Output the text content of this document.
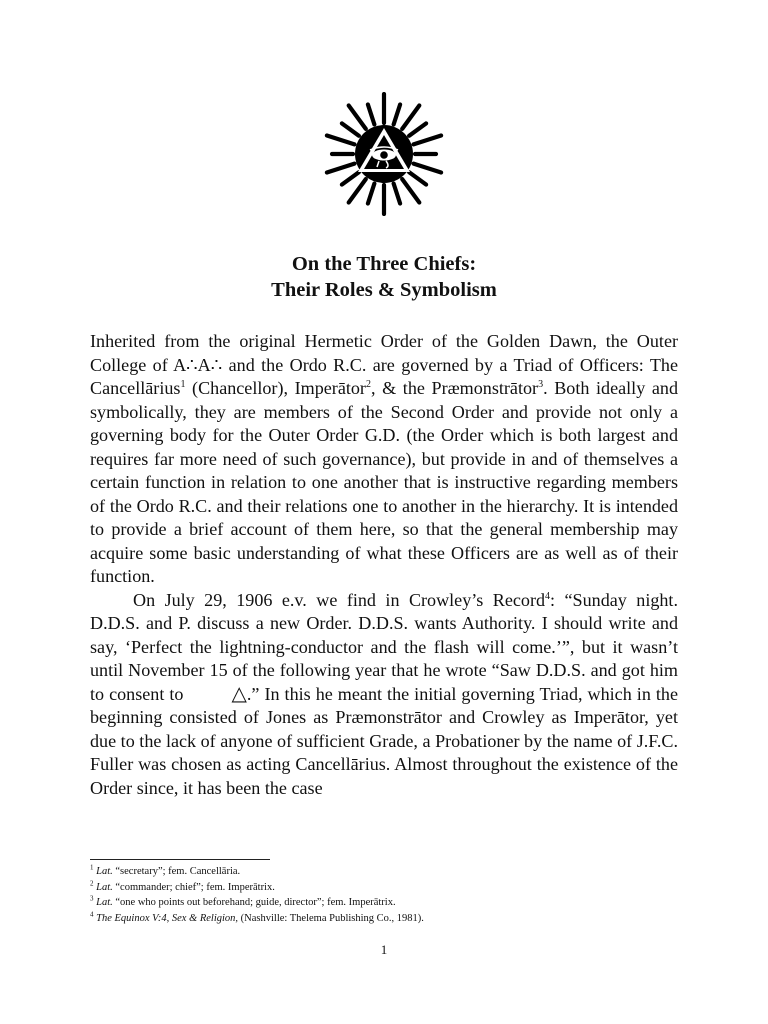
On the Three Chiefs:
Their Roles & Symbolism

Inherited from the original Hermetic Order of the Golden Dawn, the Outer College of A∴A∴ and the Ordo R.C. are governed by a Triad of Officers: The Cancellārius$^1$ (Chancellor), Imperātor$^2$, & the Præmonstrātor$^3$. Both ideally and symbolically, they are members of the Second Order and provide not only a governing body for the Outer Order G.D. (the Order which is both largest and requires far more need of such governance), but provide in and of themselves a certain function in relation to one another that is instructive regarding members of the Ordo R.C. and their relations one to another in the hierarchy. It is intended to provide a brief account of them here, so that the general membership may acquire some basic understanding of what these Officers are as well as of their function.

On July 29, 1906 e.v. we find in Crowley’s Record$^4$: “Sunday night. D.D.S. and P. discuss a new Order. D.D.S. wants Authority. I should write and say, ‘Perfect the lightning-conductor and the flash will come.’”, but it wasn’t until November 15 of the following year that he wrote “Saw D.D.S. and got him to consent to △.” In this he meant the initial governing Triad, which in the beginning consisted of Jones as Præmonstrātor and Crowley as Imperātor, yet due to the lack of anyone of sufficient Grade, a Probationer by the name of J.F.C. Fuller was chosen as acting Cancellārius. Almost throughout the existence of the Order since, it has been the case

$^1$ Lat. “secretary”; fem. Cancellāria.
$^2$ Lat. “commander; chief”; fem. Imperātrix.
$^3$ Lat. “one who points out beforehand; guide, director”; fem. Imperātrix.
$^4$ The Equinox V:4, Sex & Religion, (Nashville: Thelema Publishing Co., 1981).
1
